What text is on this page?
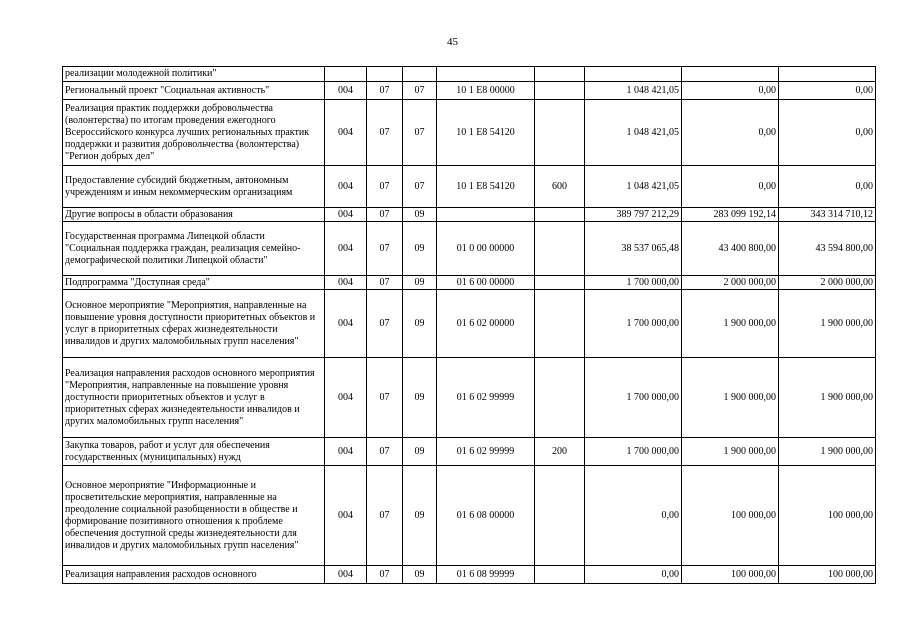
45
реализации молодежной политики"								
Региональный проект "Социальная активность"	004	07	07	10 1 E8 00000		1 048 421,05	0,00	0,00
Реализация практик поддержки добровольчества (волонтерства) по итогам проведения ежегодного Всероссийского конкурса лучших региональных практик поддержки и развития добровольчества (волонтерства) "Регион добрых дел"	004	07	07	10 1 E8 54120		1 048 421,05	0,00	0,00
Предоставление субсидий бюджетным, автономным учреждениям и иным некоммерческим организациям	004	07	07	10 1 E8 54120	600	1 048 421,05	0,00	0,00
Другие вопросы в области образования	004	07	09			389 797 212,29	283 099 192,14	343 314 710,12
Государственная программа Липецкой области "Социальная поддержка граждан, реализация семейно-демографической политики Липецкой области"	004	07	09	01 0 00 00000		38 537 065,48	43 400 800,00	43 594 800,00
Подпрограмма "Доступная среда"	004	07	09	01 6 00 00000		1 700 000,00	2 000 000,00	2 000 000,00
Основное мероприятие "Мероприятия, направленные на повышение уровня доступности приоритетных объектов и услуг в приоритетных сферах жизнедеятельности инвалидов и других маломобильных групп населения"	004	07	09	01 6 02 00000		1 700 000,00	1 900 000,00	1 900 000,00
Реализация направления расходов основного мероприятия "Мероприятия, направленные на повышение уровня доступности приоритетных объектов и услуг в приоритетных сферах жизнедеятельности инвалидов и других маломобильных групп населения"	004	07	09	01 6 02 99999		1 700 000,00	1 900 000,00	1 900 000,00
Закупка товаров, работ и услуг для обеспечения государственных (муниципальных) нужд	004	07	09	01 6 02 99999	200	1 700 000,00	1 900 000,00	1 900 000,00
Основное мероприятие "Информационные и просветительские мероприятия, направленные на преодоление социальной разобщенности в обществе и формирование позитивного отношения к проблеме обеспечения доступной среды жизнедеятельности для инвалидов и других маломобильных групп населения"	004	07	09	01 6 08 00000		0,00	100 000,00	100 000,00
Реализация направления расходов основного	004	07	09	01 6 08 99999		0,00	100 000,00	100 000,00
